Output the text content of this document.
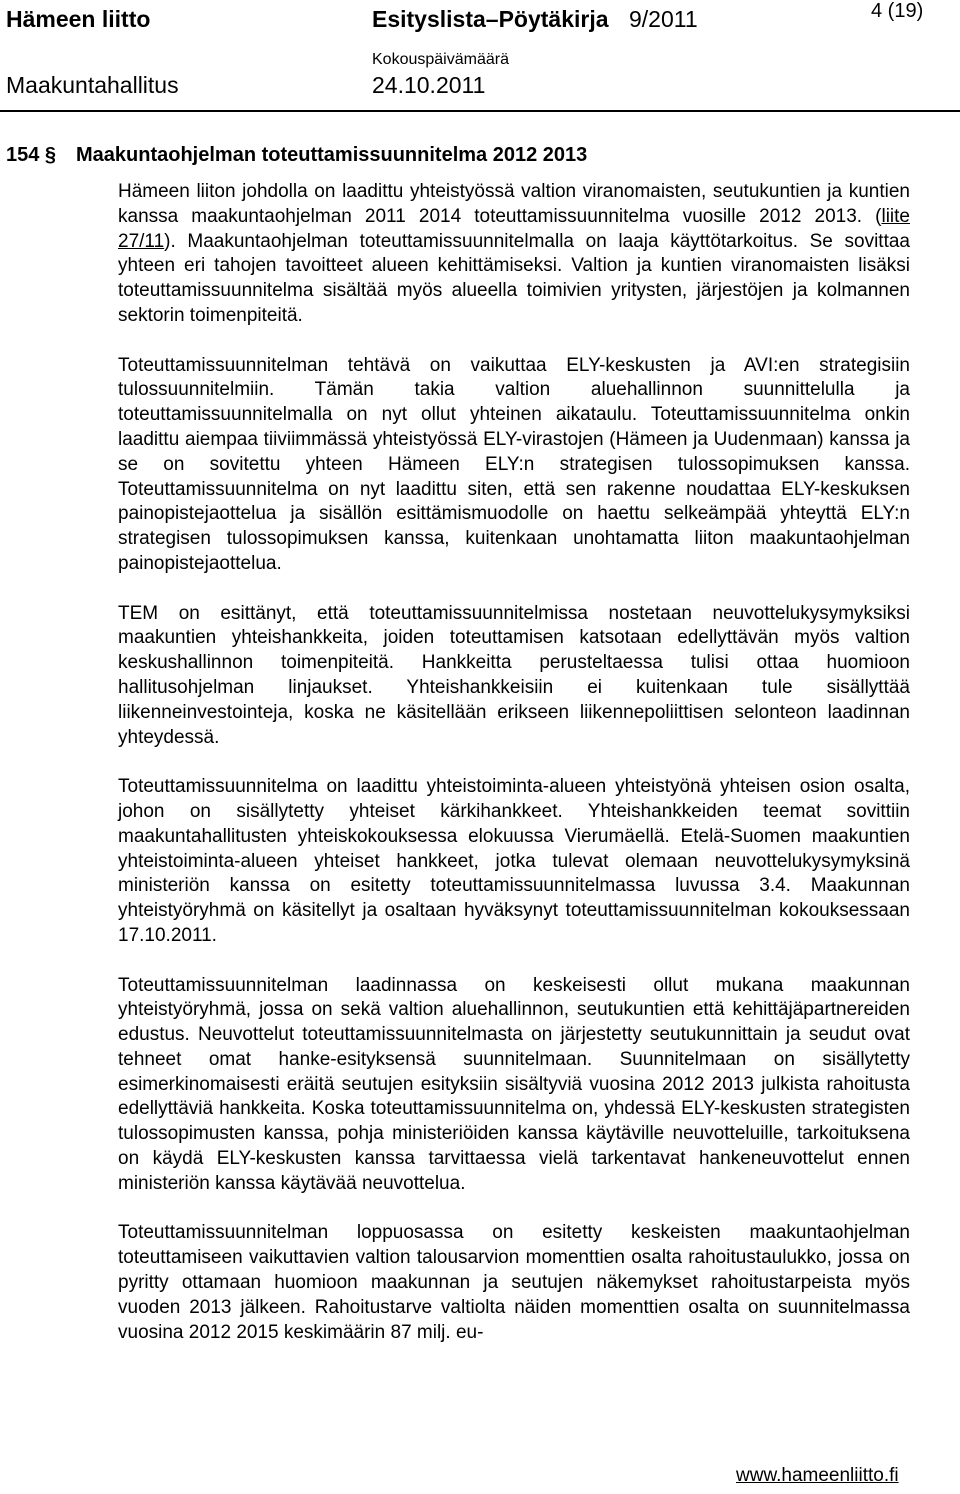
Hämeen liitto	Esityslista–Pöytäkirja 9/2011	4 (19)
Kokouspäivämäärä
Maakuntahallitus	24.10.2011
154 § Maakuntaohjelman toteuttamissuunnitelma 2012 2013

Hämeen liiton johdolla on laadittu yhteistyössä valtion viranomaisten, seutukuntien ja kuntien kanssa maakuntaohjelman 2011 2014 toteuttamissuunnitelma vuosille 2012 2013. (liite 27/11). Maakuntaohjelman toteuttamissuunnitelmalla on laaja käyttötarkoitus. Se sovittaa yhteen eri tahojen tavoitteet alueen kehittämiseksi. Valtion ja kuntien viranomaisten lisäksi toteuttamissuunnitelma sisältää myös alueella toimivien yritysten, järjestöjen ja kolmannen sektorin toimenpiteitä.

Toteuttamissuunnitelman tehtävä on vaikuttaa ELY-keskusten ja AVI:en strategisiin tulossuunnitelmiin. Tämän takia valtion aluehallinnon suunnittelulla ja toteuttamissuunnitelmalla on nyt ollut yhteinen aikataulu. Toteuttamissuunnitelma onkin laadittu aiempaa tiiviimmässä yhteistyössä ELY-virastojen (Hämeen ja Uudenmaan) kanssa ja se on sovitettu yhteen Hämeen ELY:n strategisen tulossopimuksen kanssa. Toteuttamissuunnitelma on nyt laadittu siten, että sen rakenne noudattaa ELY-keskuksen painopistejaottelua ja sisällön esittämismuodolle on haettu selkeämpää yhteyttä ELY:n strategisen tulossopimuksen kanssa, kuitenkaan unohtamatta liiton maakuntaohjelman painopistejaottelua.

TEM on esittänyt, että toteuttamissuunnitelmissa nostetaan neuvottelukysymyksiksi maakuntien yhteishankkeita, joiden toteuttamisen katsotaan edellyttävän myös valtion keskushallinnon toimenpiteitä. Hankkeitta perusteltaessa tulisi ottaa huomioon hallitusohjelman linjaukset. Yhteishankkeisiin ei kuitenkaan tule sisällyttää liikenneinvestointeja, koska ne käsitellään erikseen liikennepoliittisen selonteon laadinnan yhteydessä.

Toteuttamissuunnitelma on laadittu yhteistoiminta-alueen yhteistyönä yhteisen osion osalta, johon on sisällytetty yhteiset kärkihankkeet. Yhteishankkeiden teemat sovittiin maakuntahallitusten yhteiskokouksessa elokuussa Vierumäellä. Etelä-Suomen maakuntien yhteistoiminta-alueen yhteiset hankkeet, jotka tulevat olemaan neuvottelukysymyksinä ministeriön kanssa on esitetty toteuttamissuunnitelmassa luvussa 3.4. Maakunnan yhteistyöryhmä on käsitellyt ja osaltaan hyväksynyt toteuttamissuunnitelman kokouksessaan 17.10.2011.

Toteuttamissuunnitelman laadinnassa on keskeisesti ollut mukana maakunnan yhteistyöryhmä, jossa on sekä valtion aluehallinnon, seutukuntien että kehittäjäpartnereiden edustus. Neuvottelut toteuttamissuunnitelmasta on järjestetty seutukunnittain ja seudut ovat tehneet omat hanke-esityksensä suunnitelmaan. Suunnitelmaan on sisällytetty esimerkinomaisesti eräitä seutujen esityksiin sisältyviä vuosina 2012 2013 julkista rahoitusta edellyttäviä hankkeita. Koska toteuttamissuunnitelma on, yhdessä ELY-keskusten strategisten tulossopimusten kanssa, pohja ministeriöiden kanssa käytäville neuvotteluille, tarkoituksena on käydä ELY-keskusten kanssa tarvittaessa vielä tarkentavat hankeneuvottelut ennen ministeriön kanssa käytävää neuvottelua.

Toteuttamissuunnitelman loppuosassa on esitetty keskeisten maakuntaohjelman toteuttamiseen vaikuttavien valtion talousarvion momenttien osalta rahoitustaulukko, jossa on pyritty ottamaan huomioon maakunnan ja seutujen näkemykset rahoitustarpeista myös vuoden 2013 jälkeen. Rahoitustarve valtiolta näiden momenttien osalta on suunnitelmassa vuosina 2012 2015 keskimäärin 87 milj. eu-

www.hameenliitto.fi
